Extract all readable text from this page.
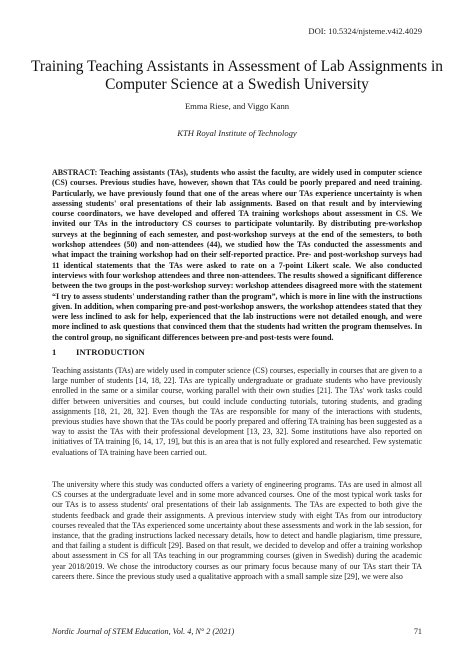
DOI: 10.5324/njsteme.v4i2.4029
Training Teaching Assistants in Assessment of Lab Assignments in Computer Science at a Swedish University
Emma Riese, and Viggo Kann
KTH Royal Institute of Technology

ABSTRACT: Teaching assistants (TAs), students who assist the faculty, are widely used in computer science (CS) courses. Previous studies have, however, shown that TAs could be poorly prepared and need training. Particularly, we have previously found that one of the areas where our TAs experience uncertainty is when assessing students' oral presentations of their lab assignments. Based on that result and by interviewing course coordinators, we have developed and offered TA training workshops about assessment in CS. We invited our TAs in the introductory CS courses to participate voluntarily. By distributing pre-workshop surveys at the beginning of each semester, and post-workshop surveys at the end of the semesters, to both workshop attendees (50) and non-attendees (44), we studied how the TAs conducted the assessments and what impact the training workshop had on their self-reported practice. Pre- and post-workshop surveys had 11 identical statements that the TAs were asked to rate on a 7-point Likert scale. We also conducted interviews with four workshop attendees and three non-attendees. The results showed a significant difference between the two groups in the post-workshop survey: workshop attendees disagreed more with the statement “I try to assess students' understanding rather than the program”, which is more in line with the instructions given. In addition, when comparing pre-and post-workshop answers, the workshop attendees stated that they were less inclined to ask for help, experienced that the lab instructions were not detailed enough, and were more inclined to ask questions that convinced them that the students had written the program themselves. In the control group, no significant differences between pre-and post-tests were found.

1 INTRODUCTION

Teaching assistants (TAs) are widely used in computer science (CS) courses, especially in courses that are given to a large number of students [14, 18, 22]. TAs are typically undergraduate or graduate students who have previously enrolled in the same or a similar course, working parallel with their own studies [21]. The TAs' work tasks could differ between universities and courses, but could include conducting tutorials, tutoring students, and grading assignments [18, 21, 28, 32]. Even though the TAs are responsible for many of the interactions with students, previous studies have shown that the TAs could be poorly prepared and offering TA training has been suggested as a way to assist the TAs with their professional development [13, 23, 32]. Some institutions have also reported on initiatives of TA training [6, 14, 17, 19], but this is an area that is not fully explored and researched. Few systematic evaluations of TA training have been carried out.

The university where this study was conducted offers a variety of engineering programs. TAs are used in almost all CS courses at the undergraduate level and in some more advanced courses. One of the most typical work tasks for our TAs is to assess students' oral presentations of their lab assignments. The TAs are expected to both give the students feedback and grade their assignments. A previous interview study with eight TAs from our introductory courses revealed that the TAs experienced some uncertainty about these assessments and work in the lab session, for instance, that the grading instructions lacked necessary details, how to detect and handle plagiarism, time pressure, and that failing a student is difficult [29]. Based on that result, we decided to develop and offer a training workshop about assessment in CS for all TAs teaching in our programming courses (given in Swedish) during the academic year 2018/2019. We chose the introductory courses as our primary focus because many of our TAs start their TA careers there. Since the previous study used a qualitative approach with a small sample size [29], we were also

Nordic Journal of STEM Education, Vol. 4, N° 2 (2021)	71
